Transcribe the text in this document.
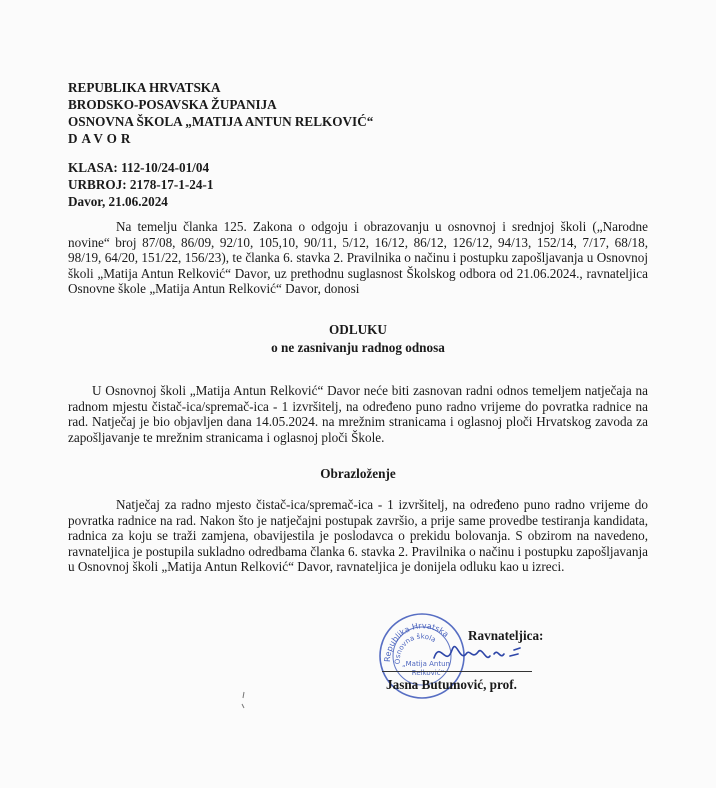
REPUBLIKA HRVATSKA
BRODSKO-POSAVSKA ŽUPANIJA
OSNOVNA ŠKOLA „MATIJA ANTUN RELKOVIĆ“
DAVOR
KLASA: 112-10/24-01/04
URBROJ: 2178-17-1-24-1
Davor, 21.06.2024
Na temelju članka 125. Zakona o odgoju i obrazovanju u osnovnoj i srednjoj školi („Narodne novine“ broj 87/08, 86/09, 92/10, 105,10, 90/11, 5/12, 16/12, 86/12, 126/12, 94/13, 152/14, 7/17, 68/18, 98/19, 64/20, 151/22, 156/23), te članka 6. stavka 2. Pravilnika o načinu i postupku zapošljavanja u Osnovnoj školi „Matija Antun Relković“ Davor, uz prethodnu suglasnost Školskog odbora od 21.06.2024., ravnateljica Osnovne škole „Matija Antun Relković“ Davor, donosi
ODLUKU
o ne zasnivanju radnog odnosa
U Osnovnoj školi „Matija Antun Relković“ Davor neće biti zasnovan radni odnos temeljem natječaja na radnom mjestu čistač-ica/spremač-ica - 1 izvršitelj, na određeno puno radno vrijeme do povratka radnice na rad. Natječaj je bio objavljen dana 14.05.2024. na mrežnim stranicama i oglasnoj ploči Hrvatskog zavoda za zapošljavanje te mrežnim stranicama i oglasnoj ploči Škole.
Obrazloženje
Natječaj za radno mjesto čistač-ica/spremač-ica - 1 izvršitelj, na određeno puno radno vrijeme do povratka radnice na rad. Nakon što je natječajni postupak završio, a prije same provedbe testiranja kandidata, radnica za koju se traži zamjena, obavijestila je poslodavca o prekidu bolovanja. S obzirom na navedeno, ravnateljica je postupila sukladno odredbama članka 6. stavka 2. Pravilnika o načinu i postupku zapošljavanja u Osnovnoj školi „Matija Antun Relković“ Davor, ravnateljica je donijela odluku kao u izreci.
Republika Hrvatska
Osnovna škola
„Matija Antun
Relković“
Ravnateljica:
Jasna Butumović, prof.
